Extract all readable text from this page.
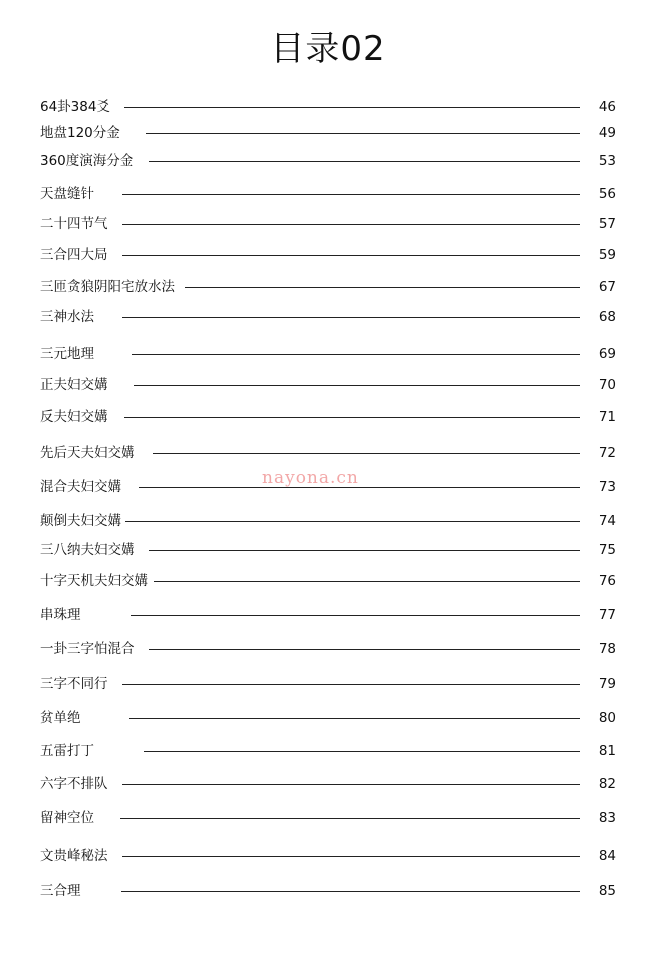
目录02
64卦384爻	46
地盘120分金	49
360度演海分金	53
天盘缝针	56
二十四节气	57
三合四大局	59
三匝贪狼阴阳宅放水法	67
三神水法	68
三元地理	69
正夫妇交媾	70
反夫妇交媾	71
先后天夫妇交媾	72
混合夫妇交媾	73
颠倒夫妇交媾	74
三八纳夫妇交媾	75
十字天机夫妇交媾	76
串珠理	77
一卦三字怕混合	78
三字不同行	79
贫单绝	80
五雷打丁	81
六字不排队	82
留神空位	83
文贵峰秘法	84
三合理	85
nayona.cn
